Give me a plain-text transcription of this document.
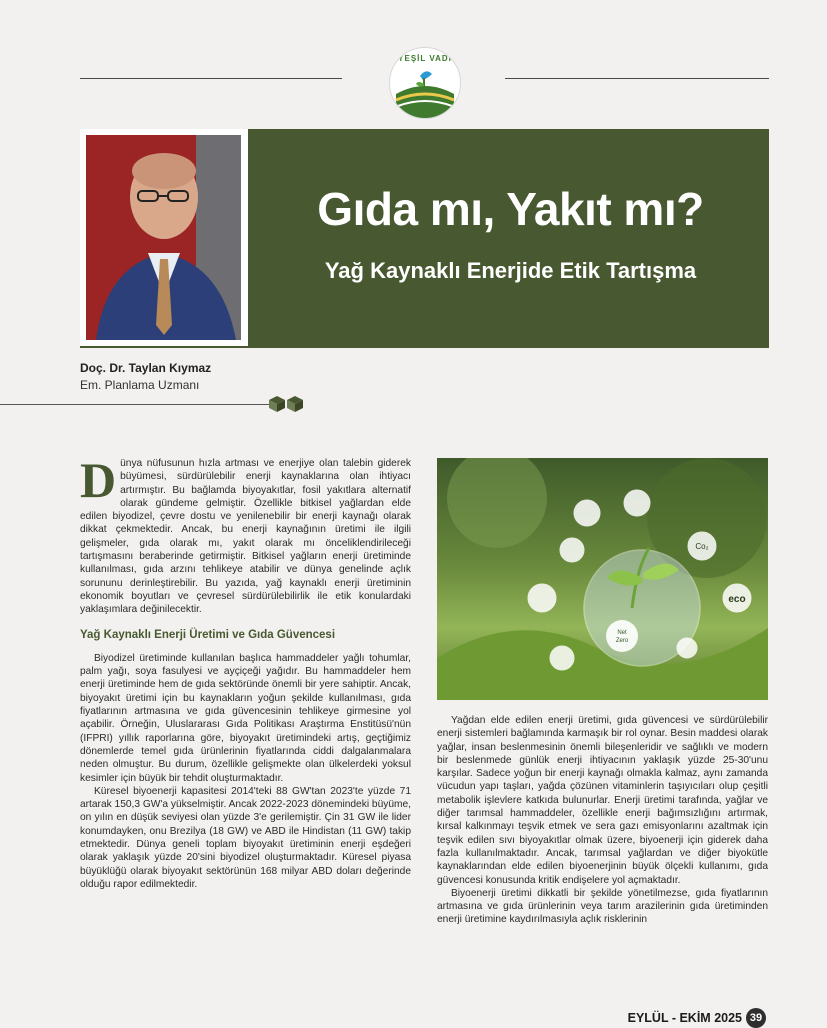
YEŞİL VADİ
Gıda mı, Yakıt mı?
Yağ Kaynaklı Enerjide Etik Tartışma
Doç. Dr. Taylan Kıymaz
Em. Planlama Uzmanı

Dünya nüfusunun hızla artması ve enerjiye olan talebin giderek büyümesi, sürdürülebilir enerji kaynaklarına olan ihtiyacı artırmıştır. Bu bağlamda biyoyakıtlar, fosil yakıtlara alternatif olarak gündeme gelmiştir. Özellikle bitkisel yağlardan elde edilen biyodizel, çevre dostu ve yenilenebilir bir enerji kaynağı olarak dikkat çekmektedir. Ancak, bu enerji kaynağının üretimi ile ilgili gelişmeler, gıda olarak mı, yakıt olarak mı önceliklendirileceği tartışmasını beraberinde getirmiştir. Bitkisel yağların enerji üretiminde kullanılması, gıda arzını tehlikeye atabilir ve dünya genelinde açlık sorununu derinleştirebilir. Bu yazıda, yağ kaynaklı enerji üretiminin ekonomik boyutları ve çevresel sürdürülebilirlik ile etik konulardaki yaklaşımlara değinilecektir.

Yağ Kaynaklı Enerji Üretimi ve Gıda Güvencesi

Biyodizel üretiminde kullanılan başlıca hammaddeler yağlı tohumlar, palm yağı, soya fasulyesi ve ayçiçeği yağıdır. Bu hammaddeler hem enerji üretiminde hem de gıda sektöründe önemli bir yere sahiptir. Ancak, biyoyakıt üretimi için bu kaynakların yoğun şekilde kullanılması, gıda fiyatlarının artmasına ve gıda güvencesinin tehlikeye girmesine yol açabilir. Örneğin, Uluslararası Gıda Politikası Araştırma Enstitüsü'nün (IFPRI) yıllık raporlarına göre, biyoyakıt üretimindeki artış, geçtiğimiz dönemlerde temel gıda ürünlerinin fiyatlarında ciddi dalgalanmalara neden olmuştur. Bu durum, özellikle gelişmekte olan ülkelerdeki yoksul kesimler için büyük bir tehdit oluşturmaktadır.

Küresel biyoenerji kapasitesi 2014'teki 88 GW'tan 2023'te yüzde 71 artarak 150,3 GW'a yükselmiştir. Ancak 2022-2023 dönemindeki büyüme, on yılın en düşük seviyesi olan yüzde 3'e gerilemiştir. Çin 31 GW ile lider konumdayken, onu Brezilya (18 GW) ve ABD ile Hindistan (11 GW) takip etmektedir. Dünya geneli toplam biyoyakıt üretiminin enerji eşdeğeri olarak yaklaşık yüzde 20'sini biyodizel oluşturmaktadır. Küresel piyasa büyüklüğü olarak biyoyakıt sektörünün 168 milyar ABD doları değerinde olduğu rapor edilmektedir.

Net
Zero
Co₂
eco

Yağdan elde edilen enerji üretimi, gıda güvencesi ve sürdürülebilir enerji sistemleri bağlamında karmaşık bir rol oynar. Besin maddesi olarak yağlar, insan beslenmesinin önemli bileşenleridir ve sağlıklı ve modern bir beslenmede günlük enerji ihtiyacının yaklaşık yüzde 25-30'unu karşılar. Sadece yoğun bir enerji kaynağı olmakla kalmaz, aynı zamanda vücudun yapı taşları, yağda çözünen vitaminlerin taşıyıcıları olup çeşitli metabolik işlevlere katkıda bulunurlar. Enerji üretimi tarafında, yağlar ve diğer tarımsal hammaddeler, özellikle enerji bağımsızlığını artırmak, kırsal kalkınmayı teşvik etmek ve sera gazı emisyonlarını azaltmak için teşvik edilen sıvı biyoyakıtlar olmak üzere, biyoenerji için giderek daha fazla kullanılmaktadır. Ancak, tarımsal yağlardan ve diğer biyokütle kaynaklarından elde edilen biyoenerjinin büyük ölçekli kullanımı, gıda güvencesi konusunda kritik endişelere yol açmaktadır.

Biyoenerji üretimi dikkatli bir şekilde yönetilmezse, gıda fiyatlarının artmasına ve gıda ürünlerinin veya tarım arazilerinin gıda üretiminden enerji üretimine kaydırılmasıyla açlık risklerinin

EYLÜL - EKİM 2025 39
